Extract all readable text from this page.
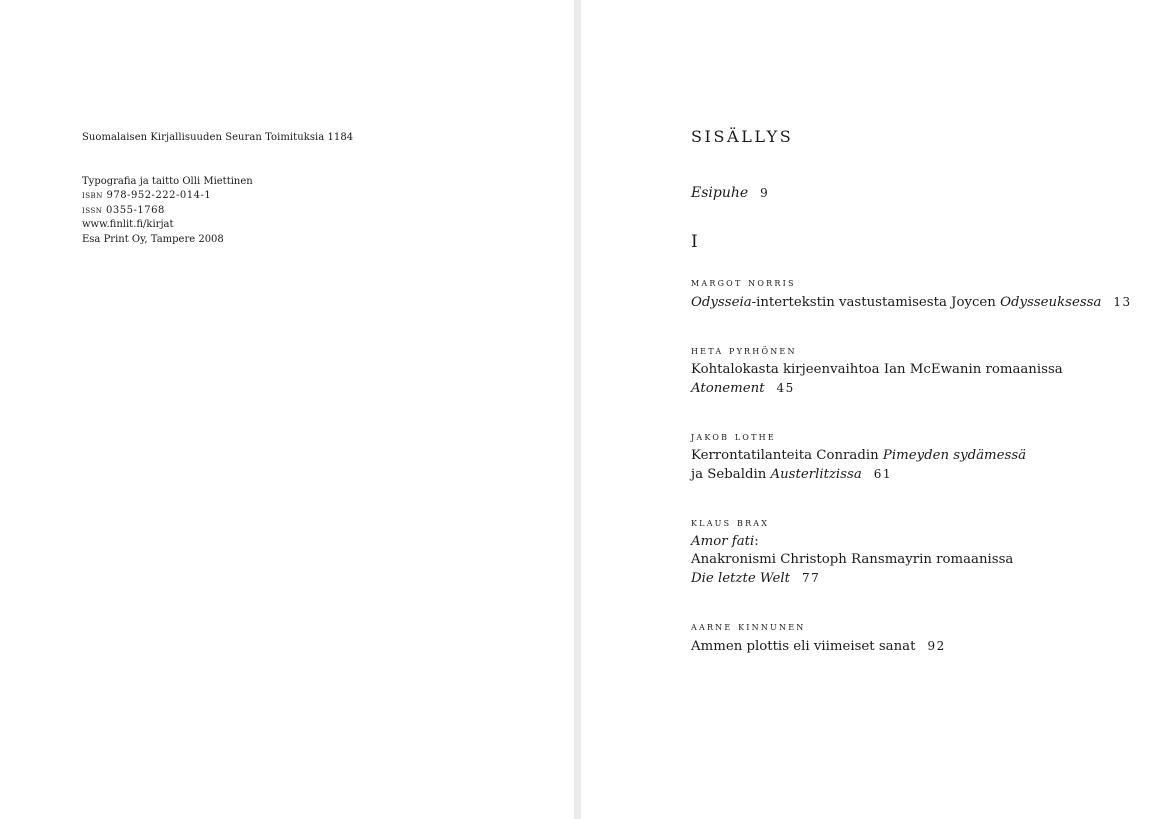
Suomalaisen Kirjallisuuden Seuran Toimituksia 1184
Typografia ja taitto Olli Miettinen
isbn 978-952-222-014-1
issn 0355-1768
www.finlit.fi/kirjat
Esa Print Oy, Tampere 2008
SISÄLLYS
Esipuhe 9
I
margot norris
Odysseia-intertekstin vastustamisesta Joycen Odysseuksessa 13
heta pyrhönen
Kohtalokasta kirjeenvaihtoa Ian McEwanin romaanissa
Atonement 45
jakob lothe
Kerrontatilanteita Conradin Pimeyden sydämessä
ja Sebaldin Austerlitzissa 61
klaus brax
Amor fati:
Anakronismi Christoph Ransmayrin romaanissa
Die letzte Welt 77
aarne kinnunen
Ammen plottis eli viimeiset sanat 92
